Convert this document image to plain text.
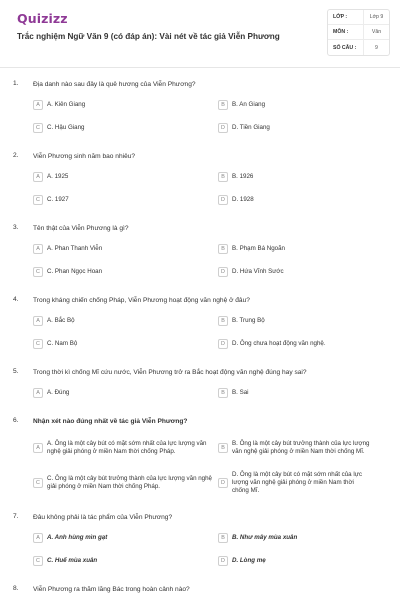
Quizizz
Trắc nghiệm Ngữ Văn 9 (có đáp án): Vài nét về tác giả Viễn Phương
LỚP :	Lớp 9
MÔN :	Văn
SỐ CÂU :	9
1. Địa danh nào sau đây là quê hương của Viễn Phương?
A	A. Kiên Giang	B	B. An Giang
C	C. Hậu Giang	D	D. Tiền Giang
2. Viễn Phương sinh năm bao nhiêu?
A	A. 1925	B	B. 1926
C	C. 1927	D	D. 1928
3. Tên thật của Viễn Phương là gì?
A	A. Phan Thanh Viễn	B	B. Phạm Bá Ngoãn
C	C. Phan Ngọc Hoan	D	D. Hứa Vĩnh Sước
4. Trong kháng chiến chống Pháp, Viễn Phương hoạt động văn nghệ ở đâu?
A	A. Bắc Bộ	B	B. Trung Bộ
C	C. Nam Bộ	D	D. Ông chưa hoạt động văn nghệ.
5. Trong thời kì chống Mĩ cứu nước, Viễn Phương trở ra Bắc hoạt động văn nghệ đúng hay sai?
A	A. Đúng	B	B. Sai
6. Nhận xét nào đúng nhất về tác giả Viễn Phương?
A
A. Ông là một cây bút có mặt sớm nhất của lực lượng văn nghệ giải phóng ở miền Nam thời chống Pháp.	B
B. Ông là một cây bút trưởng thành của lực lượng văn nghệ giải phóng ở miền Nam thời chống Mĩ.
C
C. Ông là một cây bút trưởng thành của lực lượng văn nghệ giải phóng ở miền Nam thời chống Pháp.	D
D. Ông là một cây bút có mặt sớm nhất của lực lượng văn nghệ giải phóng ở miền Nam thời chống Mĩ.
7. Đâu không phải là tác phẩm của Viễn Phương?
A	A. Anh hùng mìn gạt	B	B. Như mây mùa xuân
C	C. Huế mùa xuân	D	D. Lòng mẹ
8. Viễn Phương ra thăm lăng Bác trong hoàn cảnh nào?
